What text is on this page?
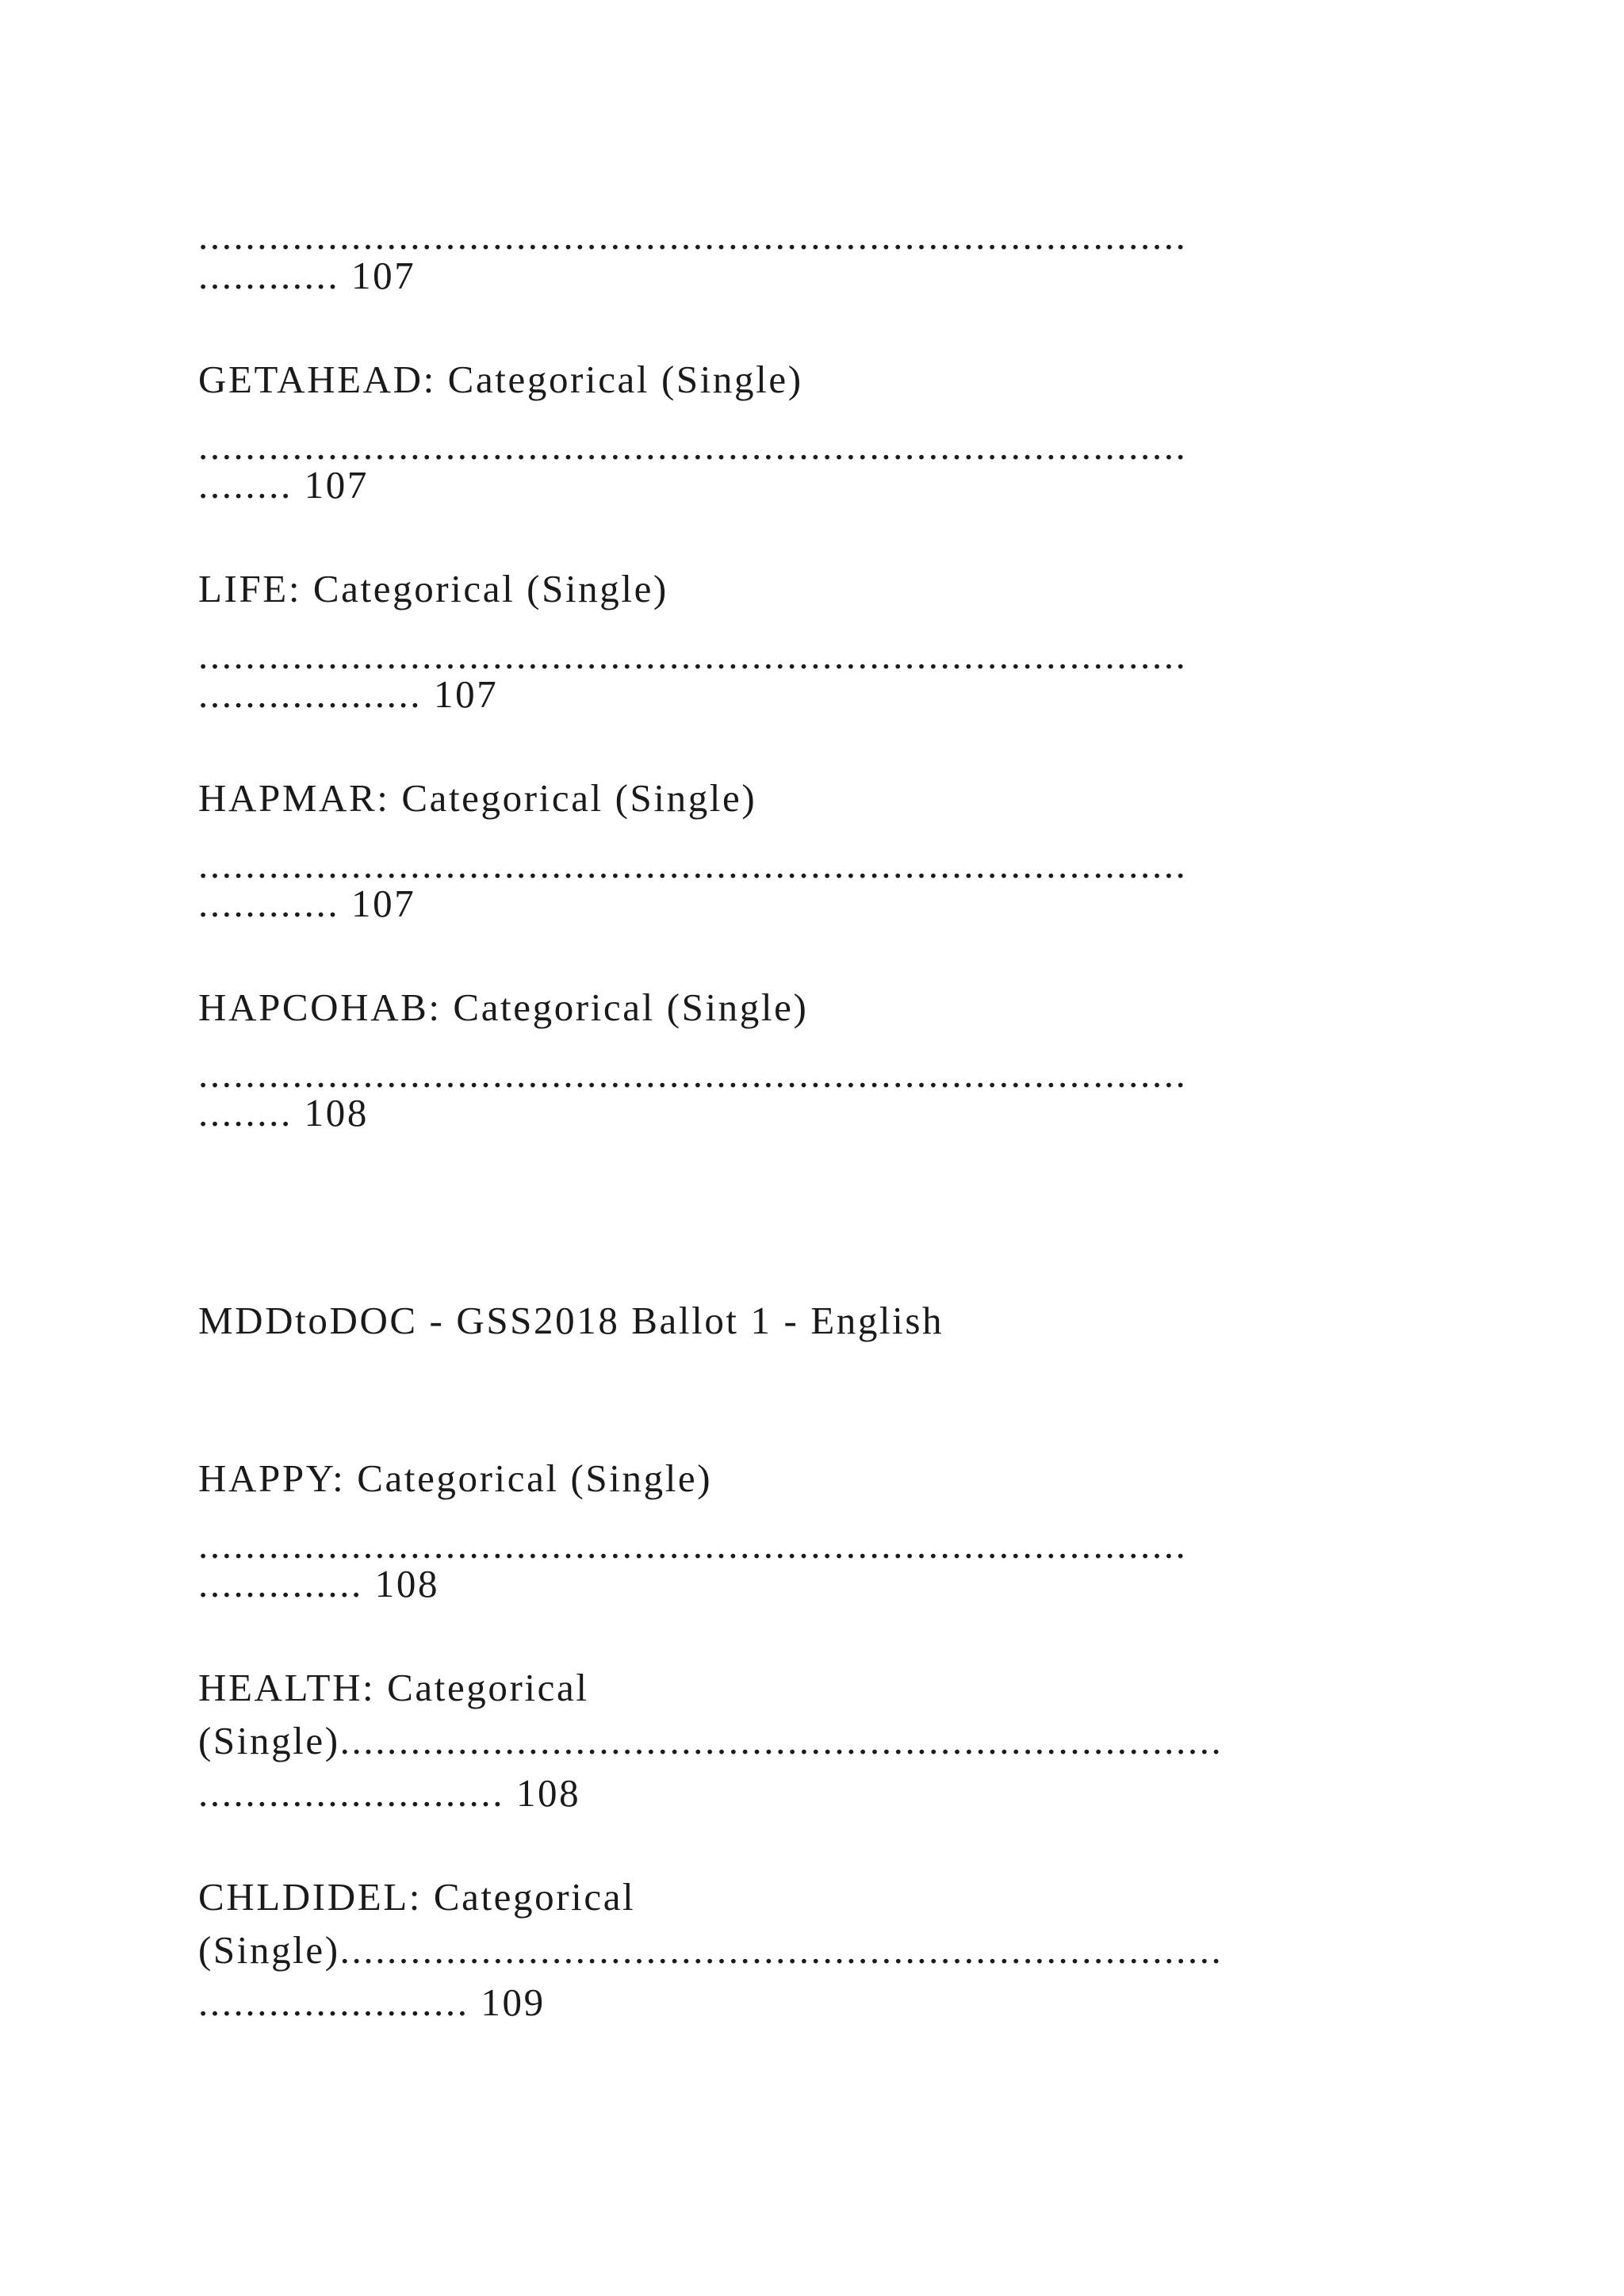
....................................................................................
............ 107
GETAHEAD: Categorical (Single)
....................................................................................
........ 107
LIFE: Categorical (Single)
....................................................................................
................... 107
HAPMAR: Categorical (Single)
....................................................................................
............ 107
HAPCOHAB: Categorical (Single)
....................................................................................
........ 108
MDDtoDOC - GSS2018 Ballot 1 - English
HAPPY: Categorical (Single)
....................................................................................
.............. 108
HEALTH: Categorical
(Single)...........................................................................
.......................... 108
CHLDIDEL: Categorical
(Single)...........................................................................
....................... 109
